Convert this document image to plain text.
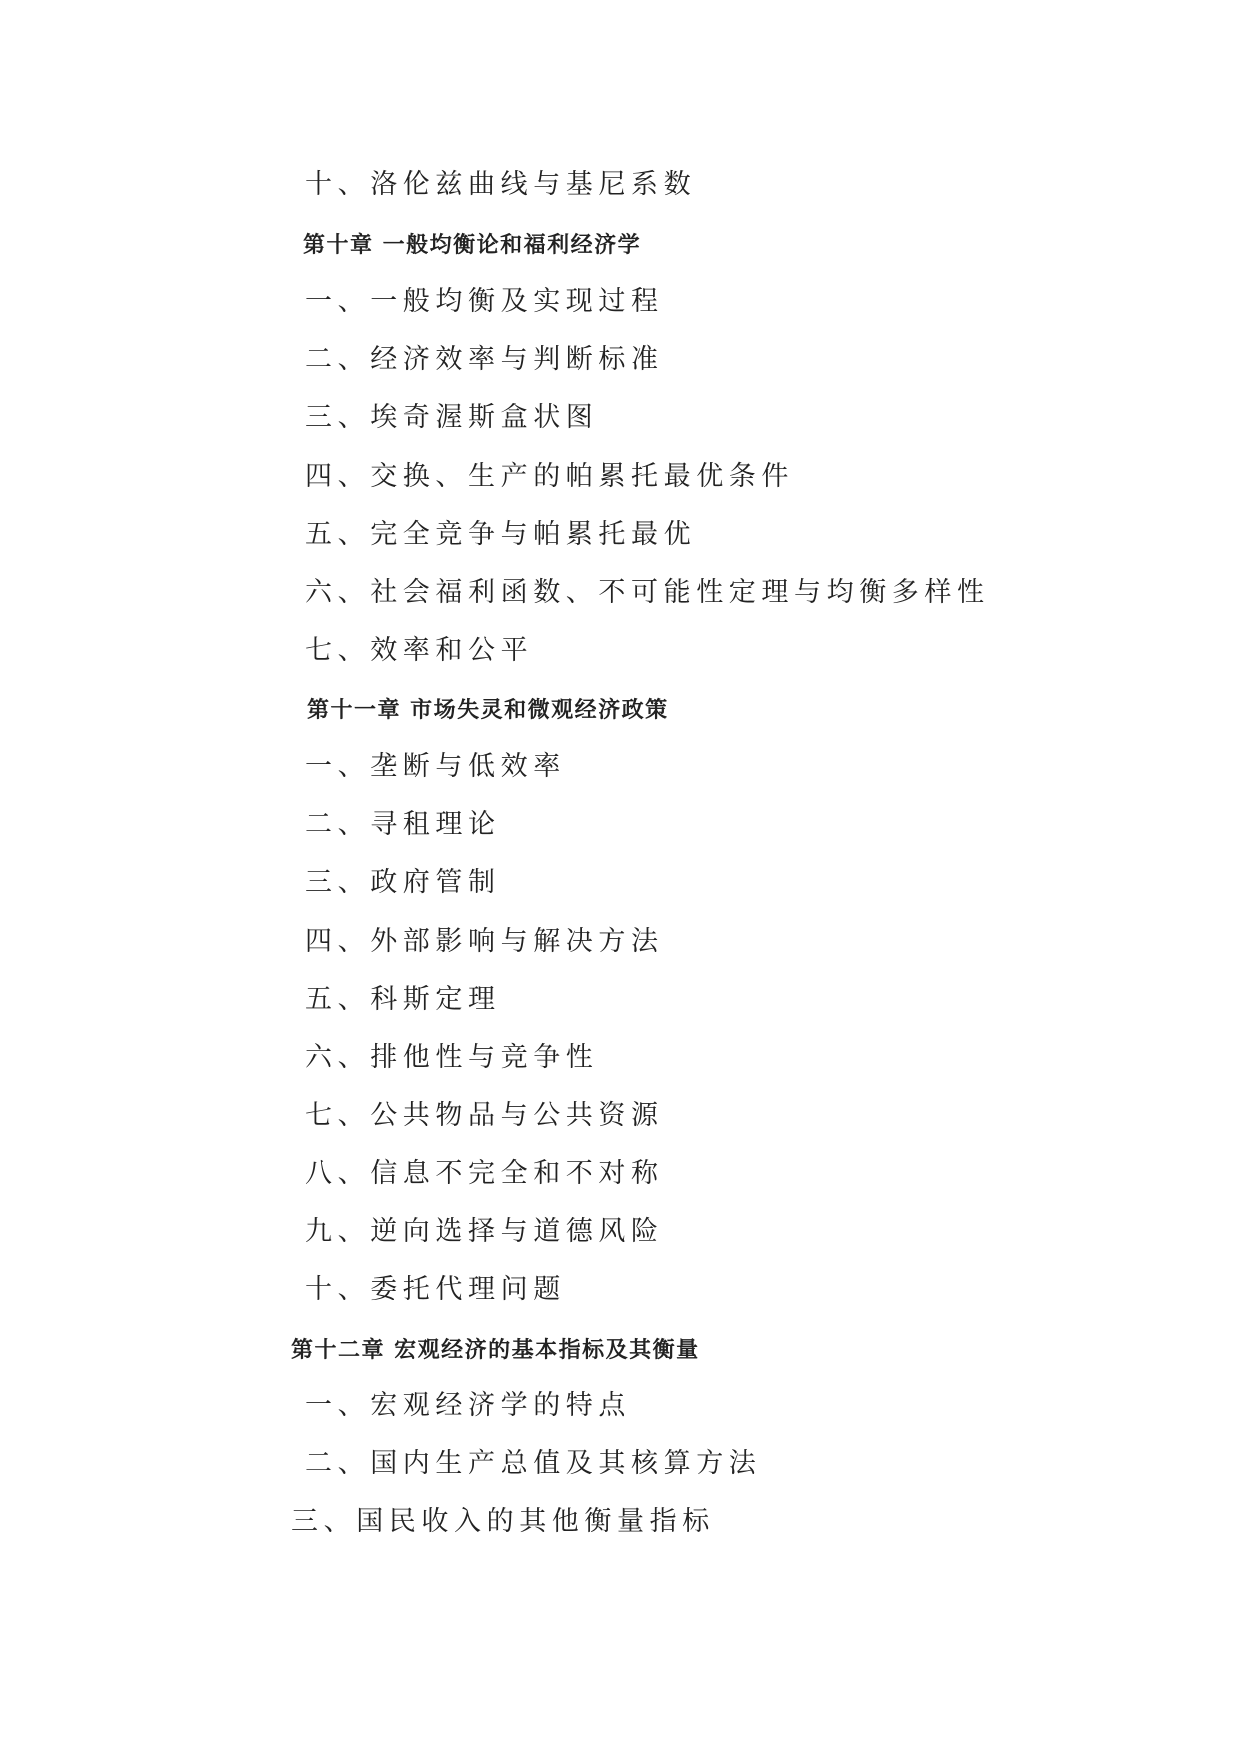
十、洛伦兹曲线与基尼系数
第十章 一般均衡论和福利经济学
一、一般均衡及实现过程
二、经济效率与判断标准
三、埃奇渥斯盒状图
四、交换、生产的帕累托最优条件
五、完全竞争与帕累托最优
六、社会福利函数、不可能性定理与均衡多样性
七、效率和公平
第十一章 市场失灵和微观经济政策
一、垄断与低效率
二、寻租理论
三、政府管制
四、外部影响与解决方法
五、科斯定理
六、排他性与竞争性
七、公共物品与公共资源
八、信息不完全和不对称
九、逆向选择与道德风险
十、委托代理问题
第十二章 宏观经济的基本指标及其衡量
一、宏观经济学的特点
二、国内生产总值及其核算方法
三、国民收入的其他衡量指标
